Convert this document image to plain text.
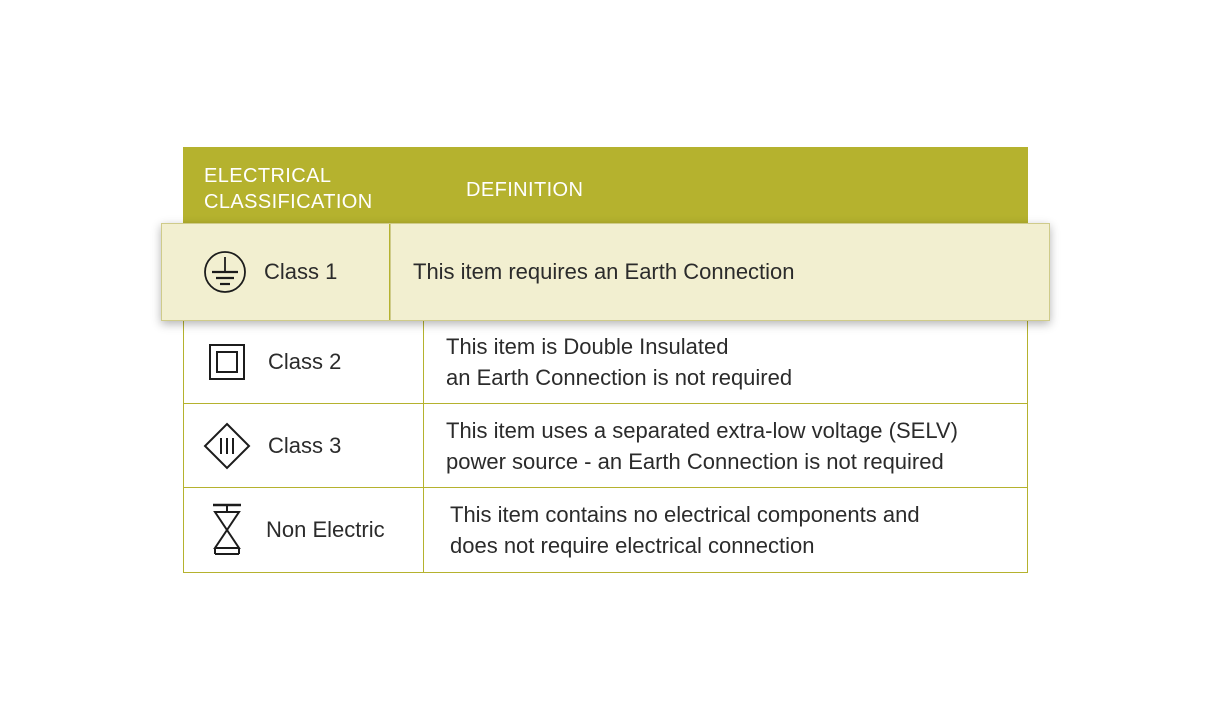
ELECTRICAL
CLASSIFICATION
DEFINITION
Class 1	This item requires an Earth Connection
Class 2
This item is Double Insulated
an Earth Connection is not required
Class 3
This item uses a separated extra-low voltage (SELV)
power source - an Earth Connection is not required
Non Electric
This item contains no electrical components and
does not require electrical connection
